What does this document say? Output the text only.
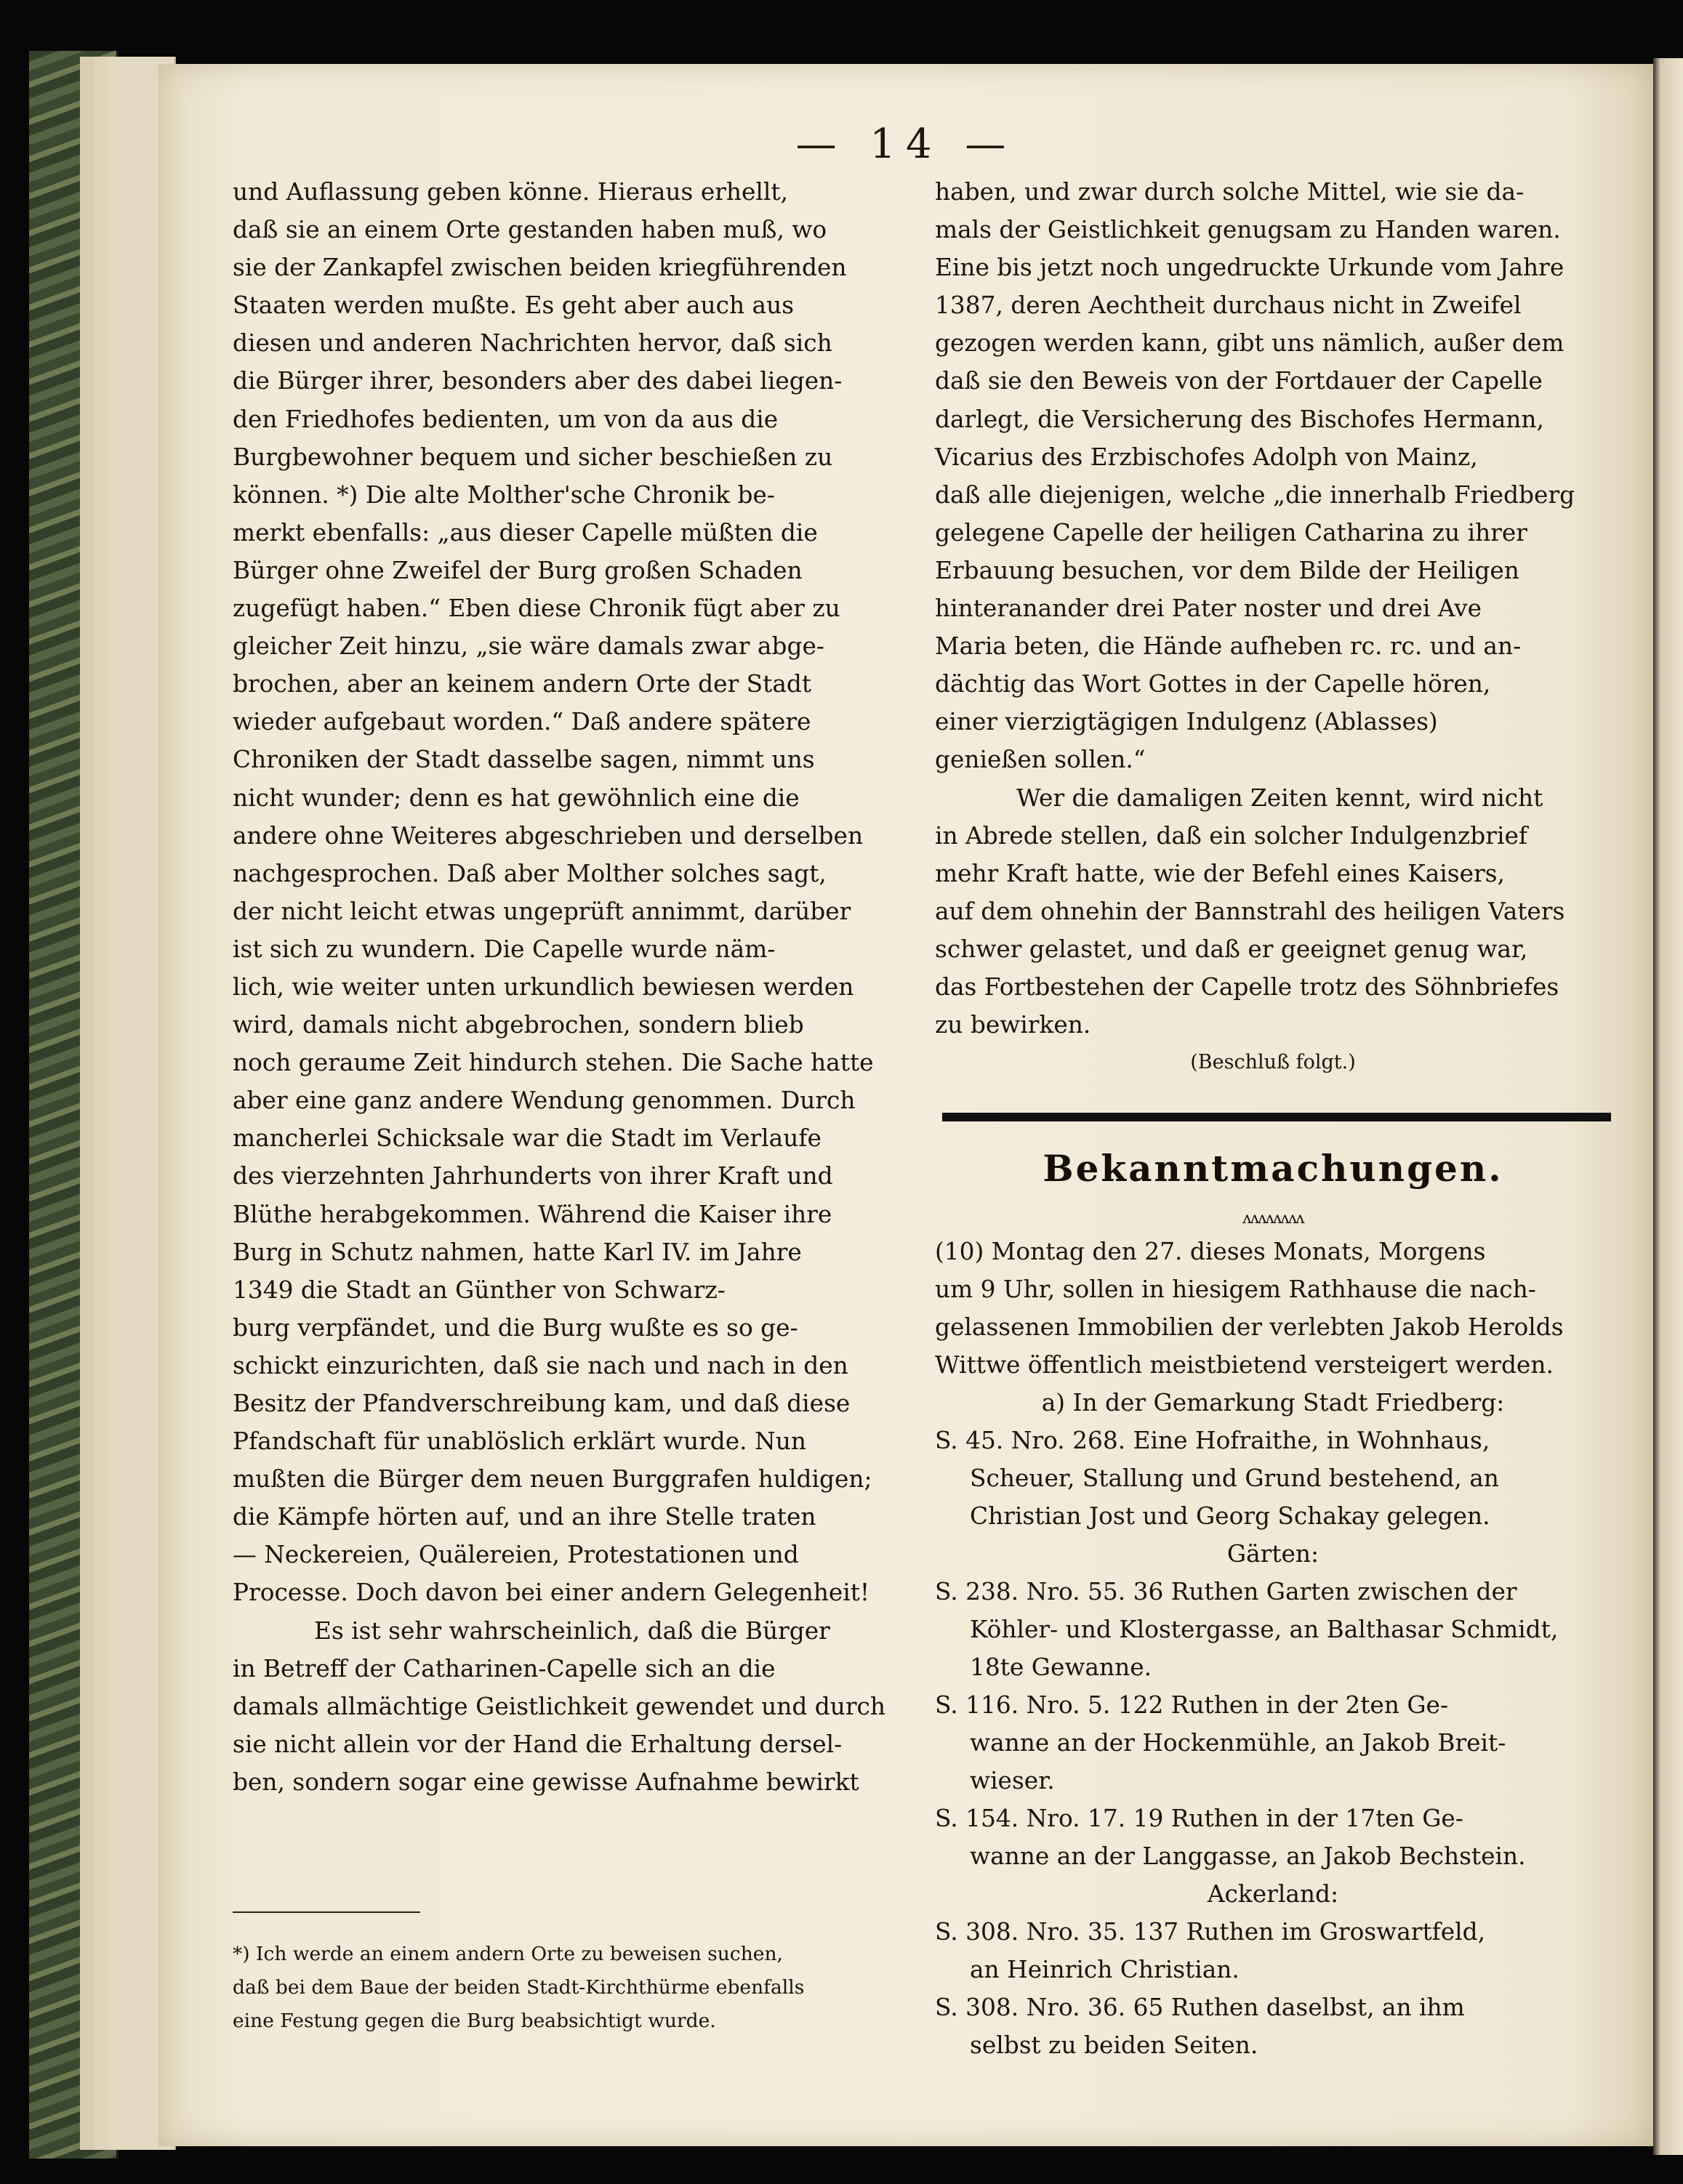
— 14 —

und Auflassung geben könne. Hieraus erhellt,

daß sie an einem Orte gestanden haben muß, wo

sie der Zankapfel zwischen beiden kriegführenden

Staaten werden mußte. Es geht aber auch aus

diesen und anderen Nachrichten hervor, daß sich

die Bürger ihrer, besonders aber des dabei liegen-

den Friedhofes bedienten, um von da aus die

Burgbewohner bequem und sicher beschießen zu

können. *) Die alte Molther'sche Chronik be-

merkt ebenfalls: „aus dieser Capelle müßten die

Bürger ohne Zweifel der Burg großen Schaden

zugefügt haben.“ Eben diese Chronik fügt aber zu

gleicher Zeit hinzu, „sie wäre damals zwar abge-

brochen, aber an keinem andern Orte der Stadt

wieder aufgebaut worden.“ Daß andere spätere

Chroniken der Stadt dasselbe sagen, nimmt uns

nicht wunder; denn es hat gewöhnlich eine die

andere ohne Weiteres abgeschrieben und derselben

nachgesprochen. Daß aber Molther solches sagt,

der nicht leicht etwas ungeprüft annimmt, darüber

ist sich zu wundern. Die Capelle wurde näm-

lich, wie weiter unten urkundlich bewiesen werden

wird, damals nicht abgebrochen, sondern blieb

noch geraume Zeit hindurch stehen. Die Sache hatte

aber eine ganz andere Wendung genommen. Durch

mancherlei Schicksale war die Stadt im Verlaufe

des vierzehnten Jahrhunderts von ihrer Kraft und

Blüthe herabgekommen. Während die Kaiser ihre

Burg in Schutz nahmen, hatte Karl IV. im Jahre

1349 die Stadt an Günther von Schwarz-

burg verpfändet, und die Burg wußte es so ge-

schickt einzurichten, daß sie nach und nach in den

Besitz der Pfandverschreibung kam, und daß diese

Pfandschaft für unablöslich erklärt wurde. Nun

mußten die Bürger dem neuen Burggrafen huldigen;

die Kämpfe hörten auf, und an ihre Stelle traten

— Neckereien, Quälereien, Protestationen und

Processe. Doch davon bei einer andern Gelegenheit!

Es ist sehr wahrscheinlich, daß die Bürger

in Betreff der Catharinen-Capelle sich an die

damals allmächtige Geistlichkeit gewendet und durch

sie nicht allein vor der Hand die Erhaltung dersel-

ben, sondern sogar eine gewisse Aufnahme bewirkt

*) Ich werde an einem andern Orte zu beweisen suchen,

daß bei dem Baue der beiden Stadt-Kirchthürme ebenfalls

eine Festung gegen die Burg beabsichtigt wurde.

haben, und zwar durch solche Mittel, wie sie da-

mals der Geistlichkeit genugsam zu Handen waren.

Eine bis jetzt noch ungedruckte Urkunde vom Jahre

1387, deren Aechtheit durchaus nicht in Zweifel

gezogen werden kann, gibt uns nämlich, außer dem

daß sie den Beweis von der Fortdauer der Capelle

darlegt, die Versicherung des Bischofes Hermann,

Vicarius des Erzbischofes Adolph von Mainz,

daß alle diejenigen, welche „die innerhalb Friedberg

gelegene Capelle der heiligen Catharina zu ihrer

Erbauung besuchen, vor dem Bilde der Heiligen

hinteranander drei Pater noster und drei Ave

Maria beten, die Hände aufheben rc. rc. und an-

dächtig das Wort Gottes in der Capelle hören,

einer vierzigtägigen Indulgenz (Ablasses)

genießen sollen.“

Wer die damaligen Zeiten kennt, wird nicht

in Abrede stellen, daß ein solcher Indulgenzbrief

mehr Kraft hatte, wie der Befehl eines Kaisers,

auf dem ohnehin der Bannstrahl des heiligen Vaters

schwer gelastet, und daß er geeignet genug war,

das Fortbestehen der Capelle trotz des Söhnbriefes

zu bewirken.

(Beschluß folgt.)

Bekanntmachungen.
ʌʌʌʌʌʌʌʌ

(10) Montag den 27. dieses Monats, Morgens

um 9 Uhr, sollen in hiesigem Rathhause die nach-

gelassenen Immobilien der verlebten Jakob Herolds

Wittwe öffentlich meistbietend versteigert werden.

a) In der Gemarkung Stadt Friedberg:

S. 45. Nro. 268. Eine Hofraithe, in Wohnhaus,

Scheuer, Stallung und Grund bestehend, an

Christian Jost und Georg Schakay gelegen.

Gärten:

S. 238. Nro. 55. 36 Ruthen Garten zwischen der

Köhler- und Klostergasse, an Balthasar Schmidt,

18te Gewanne.

S. 116. Nro. 5. 122 Ruthen in der 2ten Ge-

wanne an der Hockenmühle, an Jakob Breit-

wieser.

S. 154. Nro. 17. 19 Ruthen in der 17ten Ge-

wanne an der Langgasse, an Jakob Bechstein.

Ackerland:

S. 308. Nro. 35. 137 Ruthen im Groswartfeld,

an Heinrich Christian.

S. 308. Nro. 36. 65 Ruthen daselbst, an ihm

selbst zu beiden Seiten.
